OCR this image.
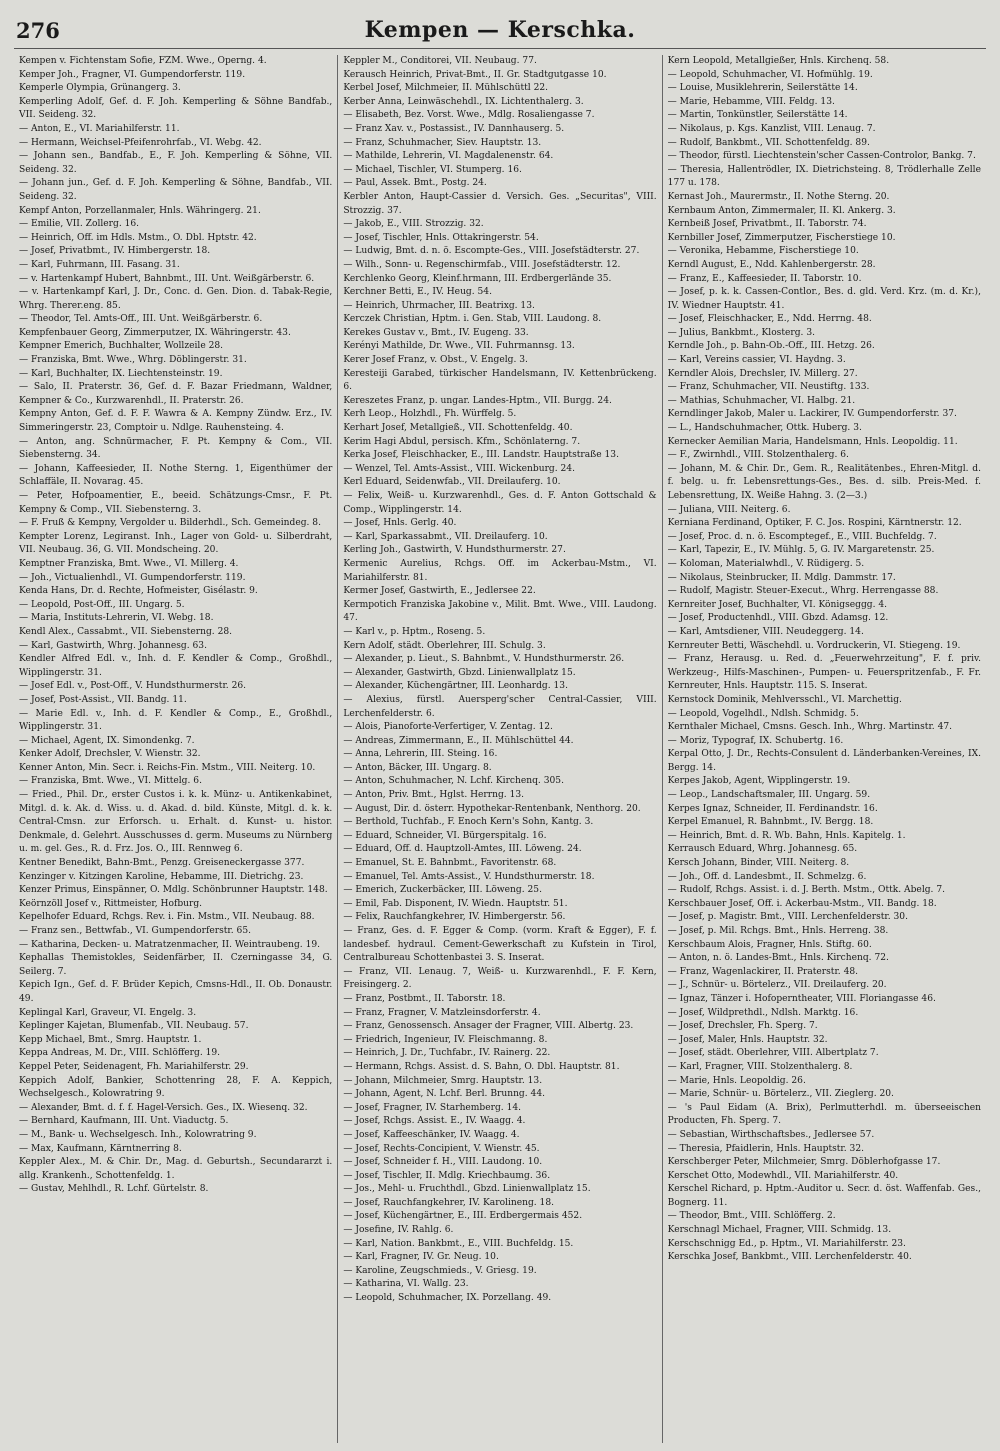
276	Kempen — Kerschka.

Kempen v. Fichtenstam Sofie, FZM. Wwe., Operng. 4.

Kemper Joh., Fragner, VI. Gumpendorferstr. 119.

Kemperle Olympia, Grünangerg. 3.

Kemperling Adolf, Gef. d. F. Joh. Kemperling & Söhne Bandfab., VII. Seideng. 32.

— Anton, E., VI. Mariahilferstr. 11.

— Hermann, Weichsel-Pfeifenrohrfab., VI. Webg. 42.

— Johann sen., Bandfab., E., F. Joh. Kemperling & Söhne, VII. Seideng. 32.

— Johann jun., Gef. d. F. Joh. Kemperling & Söhne, Bandfab., VII. Seideng. 32.

Kempf Anton, Porzellanmaler, Hnls. Währingerg. 21.

— Emilie, VII. Zollerg. 16.

— Heinrich, Off. im Hdls. Mstm., O. Dbl. Hptstr. 42.

— Josef, Privatbmt., IV. Himbergerstr. 18.

— Karl, Fuhrmann, III. Fasang. 31.

— v. Hartenkampf Hubert, Bahnbmt., III. Unt. Weißgärberstr. 6.

— v. Hartenkampf Karl, J. Dr., Conc. d. Gen. Dion. d. Tabak-Regie, Whrg. Therer.eng. 85.

— Theodor, Tel. Amts-Off., III. Unt. Weißgärberstr. 6.

Kempfenbauer Georg, Zimmerputzer, IX. Währingerstr. 43.

Kempner Emerich, Buchhalter, Wollzeile 28.

— Franziska, Bmt. Wwe., Whrg. Döblingerstr. 31.

— Karl, Buchhalter, IX. Liechtensteinstr. 19.

— Salo, II. Praterstr. 36, Gef. d. F. Bazar Friedmann, Waldner, Kempner & Co., Kurzwarenhdl., II. Praterstr. 26.

Kempny Anton, Gef. d. F. F. Wawra & A. Kempny Zündw. Erz., IV. Simmeringerstr. 23, Comptoir u. Ndlge. Rauhensteing. 4.

— Anton, ang. Schnürmacher, F. Pt. Kempny & Com., VII. Siebensterng. 34.

— Johann, Kaffeesieder, II. Nothe Sterng. 1, Eigenthümer der Schlaffäle, II. Novarag. 45.

— Peter, Hofpoamentier, E., beeid. Schätzungs-Cmsr., F. Pt. Kempny & Comp., VII. Siebensterng. 3.

— F. Fruß & Kempny, Vergolder u. Bilderhdl., Sch. Gemeindeg. 8.

Kempter Lorenz, Legiranst. Inh., Lager von Gold- u. Silberdraht, VII. Neubaug. 36, G. VII. Mondscheing. 20.

Kemptner Franziska, Bmt. Wwe., VI. Millerg. 4.

— Joh., Victualienhdl., VI. Gumpendorferstr. 119.

Kenda Hans, Dr. d. Rechte, Hofmeister, Gisélastr. 9.

— Leopold, Post-Off., III. Ungarg. 5.

— Maria, Instituts-Lehrerin, VI. Webg. 18.

Kendl Alex., Cassabmt., VII. Siebensterng. 28.

— Karl, Gastwirth, Whrg. Johannesg. 63.

Kendler Alfred Edl. v., Inh. d. F. Kendler & Comp., Großhdl., Wipplingerstr. 31.

— Josef Edl. v., Post-Off., V. Hundsthurmerstr. 26.

— Josef, Post-Assist., VII. Bandg. 11.

— Marie Edl. v., Inh. d. F. Kendler & Comp., E., Großhdl., Wipplingerstr. 31.

— Michael, Agent, IX. Simondenkg. 7.

Kenker Adolf, Drechsler, V. Wienstr. 32.

Kenner Anton, Min. Secr. i. Reichs-Fin. Mstm., VIII. Neiterg. 10.

— Franziska, Bmt. Wwe., VI. Mittelg. 6.

— Fried., Phil. Dr., erster Custos i. k. k. Münz- u. Antikenkabinet, Mitgl. d. k. Ak. d. Wiss. u. d. Akad. d. bild. Künste, Mitgl. d. k. k. Central-Cmsn. zur Erforsch. u. Erhalt. d. Kunst- u. histor. Denkmale, d. Gelehrt. Ausschusses d. germ. Museums zu Nürnberg u. m. gel. Ges., R. d. Frz. Jos. O., III. Rennweg 6.

Kentner Benedikt, Bahn-Bmt., Penzg. Greiseneckergasse 377.

Kenzinger v. Kitzingen Karoline, Hebamme, III. Dietrichg. 23.

Kenzer Primus, Einspänner, O. Mdlg. Schönbrunner Hauptstr. 148.

Keörnzöll Josef v., Rittmeister, Hofburg.

Kepelhofer Eduard, Rchgs. Rev. i. Fin. Mstm., VII. Neubaug. 88.

— Franz sen., Bettwfab., VI. Gumpendorferstr. 65.

— Katharina, Decken- u. Matratzenmacher, II. Weintraubeng. 19.

Kephallas Themistokles, Seidenfärber, II. Czerningasse 34, G. Seilerg. 7.

Kepich Ign., Gef. d. F. Brüder Kepich, Cmsns-Hdl., II. Ob. Donaustr. 49.

Keplingal Karl, Graveur, VI. Engelg. 3.

Keplinger Kajetan, Blumenfab., VII. Neubaug. 57.

Kepp Michael, Bmt., Smrg. Hauptstr. 1.

Keppa Andreas, M. Dr., VIII. Schlöfferg. 19.

Keppel Peter, Seidenagent, Fh. Mariahilferstr. 29.

Keppich Adolf, Bankier, Schottenring 28, F. A. Keppich, Wechselgesch., Kolowratring 9.

— Alexander, Bmt. d. f. f. Hagel-Versich. Ges., IX. Wiesenq. 32.

— Bernhard, Kaufmann, III. Unt. Viaductg. 5.

— M., Bank- u. Wechselgesch. Inh., Kolowratring 9.

— Max, Kaufmann, Kärntnerring 8.

Keppler Alex., M. & Chir. Dr., Mag. d. Geburtsh., Secundararzt i. allg. Krankenh., Schottenfeldg. 1.

— Gustav, Mehlhdl., R. Lchf. Gürtelstr. 8.

Keppler M., Conditorei, VII. Neubaug. 77.

Kerausch Heinrich, Privat-Bmt., II. Gr. Stadtgutgasse 10.

Kerbel Josef, Milchmeier, II. Mühlschüttl 22.

Kerber Anna, Leinwäschehdl., IX. Lichtenthalerg. 3.

— Elisabeth, Bez. Vorst. Wwe., Mdlg. Rosaliengasse 7.

— Franz Xav. v., Postassist., IV. Dannhauserg. 5.

— Franz, Schuhmacher, Siev. Hauptstr. 13.

— Mathilde, Lehrerin, VI. Magdalenenstr. 64.

— Michael, Tischler, VI. Stumperg. 16.

— Paul, Assek. Bmt., Postg. 24.

Kerbler Anton, Haupt-Cassier d. Versich. Ges. „Securitas", VIII. Strozzig. 37.

— Jakob, E., VIII. Strozzig. 32.

— Josef, Tischler, Hnls. Ottakringerstr. 54.

— Ludwig, Bmt. d. n. ö. Escompte-Ges., VIII. Josefstädterstr. 27.

— Wilh., Sonn- u. Regenschirmfab., VIII. Josefstädterstr. 12.

Kerchlenko Georg, Kleinf.hrmann, III. Erdbergerlände 35.

Kerchner Betti, E., IV. Heug. 54.

— Heinrich, Uhrmacher, III. Beatrixg. 13.

Kerczek Christian, Hptm. i. Gen. Stab, VIII. Laudong. 8.

Kerekes Gustav v., Bmt., IV. Eugeng. 33.

Kerényi Mathilde, Dr. Wwe., VII. Fuhrmannsg. 13.

Kerer Josef Franz, v. Obst., V. Engelg. 3.

Keresteiji Garabed, türkischer Handelsmann, IV. Kettenbrückeng. 6.

Kereszetes Franz, p. ungar. Landes-Hptm., VII. Burgg. 24.

Kerh Leop., Holzhdl., Fh. Würffelg. 5.

Kerhart Josef, Metallgieß., VII. Schottenfeldg. 40.

Kerim Hagi Abdul, persisch. Kfm., Schönlaterng. 7.

Kerka Josef, Fleischhacker, E., III. Landstr. Hauptstraße 13.

— Wenzel, Tel. Amts-Assist., VIII. Wickenburg. 24.

Kerl Eduard, Seidenwfab., VII. Dreilauferg. 10.

— Felix, Weiß- u. Kurzwarenhdl., Ges. d. F. Anton Gottschald & Comp., Wipplingerstr. 14.

— Josef, Hnls. Gerlg. 40.

— Karl, Sparkassabmt., VII. Dreilauferg. 10.

Kerling Joh., Gastwirth, V. Hundsthurmerstr. 27.

Kermenic Aurelius, Rchgs. Off. im Ackerbau-Mstm., VI. Mariahilferstr. 81.

Kermer Josef, Gastwirth, E., Jedlersee 22.

Kermpotich Franziska Jakobine v., Milit. Bmt. Wwe., VIII. Laudong. 47.

— Karl v., p. Hptm., Roseng. 5.

Kern Adolf, städt. Oberlehrer, III. Schulg. 3.

— Alexander, p. Lieut., S. Bahnbmt., V. Hundsthurmerstr. 26.

— Alexander, Gastwirth, Gbzd. Linienwallplatz 15.

— Alexander, Küchengärtner, III. Leonhardg. 13.

— Alexius, fürstl. Auersperg'scher Central-Cassier, VIII. Lerchenfelderstr. 6.

— Alois, Pianoforte-Verfertiger, V. Zentag. 12.

— Andreas, Zimmermann, E., II. Mühlschüttel 44.

— Anna, Lehrerin, III. Steing. 16.

— Anton, Bäcker, III. Ungarg. 8.

— Anton, Schuhmacher, N. Lchf. Kirchenq. 305.

— Anton, Priv. Bmt., Hglst. Herrng. 13.

— August, Dir. d. österr. Hypothekar-Rentenbank, Nenthorg. 20.

— Berthold, Tuchfab., F. Enoch Kern's Sohn, Kantg. 3.

— Eduard, Schneider, VI. Bürgerspitalg. 16.

— Eduard, Off. d. Hauptzoll-Amtes, III. Löweng. 24.

— Emanuel, St. E. Bahnbmt., Favoritenstr. 68.

— Emanuel, Tel. Amts-Assist., V. Hundsthurmerstr. 18.

— Emerich, Zuckerbäcker, III. Löweng. 25.

— Emil, Fab. Disponent, IV. Wiedn. Hauptstr. 51.

— Felix, Rauchfangkehrer, IV. Himbergerstr. 56.

— Franz, Ges. d. F. Egger & Comp. (vorm. Kraft & Egger), F. f. landesbef. hydraul. Cement-Gewerkschaft zu Kufstein in Tirol, Centralbureau Schottenbastei 3. S. Inserat.

— Franz, VII. Lenaug. 7, Weiß- u. Kurzwarenhdl., F. F. Kern, Freisingerg. 2.

— Franz, Postbmt., II. Taborstr. 18.

— Franz, Fragner, V. Matzleinsdorferstr. 4.

— Franz, Genossensch. Ansager der Fragner, VIII. Albertg. 23.

— Friedrich, Ingenieur, IV. Fleischmanng. 8.

— Heinrich, J. Dr., Tuchfabr., IV. Rainerg. 22.

— Hermann, Rchgs. Assist. d. S. Bahn, O. Dbl. Hauptstr. 81.

— Johann, Milchmeier, Smrg. Hauptstr. 13.

— Johann, Agent, N. Lchf. Berl. Brunng. 44.

— Josef, Fragner, IV. Starhemberg. 14.

— Josef, Rchgs. Assist. E., IV. Waagg. 4.

— Josef, Kaffeeschänker, IV. Waagg. 4.

— Josef, Rechts-Concipient, V. Wienstr. 45.

— Josef, Schneider f. H., VIII. Laudong. 10.

— Josef, Tischler, II. Mdlg. Kriechbaumg. 36.

— Jos., Mehl- u. Fruchthdl., Gbzd. Linienwallplatz 15.

— Josef, Rauchfangkehrer, IV. Karolineng. 18.

— Josef, Küchengärtner, E., III. Erdbergermais 452.

— Josefine, IV. Rahlg. 6.

— Karl, Nation. Bankbmt., E., VIII. Buchfeldg. 15.

— Karl, Fragner, IV. Gr. Neug. 10.

— Karoline, Zeugschmieds., V. Griesg. 19.

— Katharina, VI. Wallg. 23.

— Leopold, Schuhmacher, IX. Porzellang. 49.

Kern Leopold, Metallgießer, Hnls. Kirchenq. 58.

— Leopold, Schuhmacher, VI. Hofmühlg. 19.

— Louise, Musiklehrerin, Seilerstätte 14.

— Marie, Hebamme, VIII. Feldg. 13.

— Martin, Tonkünstler, Seilerstätte 14.

— Nikolaus, p. Kgs. Kanzlist, VIII. Lenaug. 7.

— Rudolf, Bankbmt., VII. Schottenfeldg. 89.

— Theodor, fürstl. Liechtenstein'scher Cassen-Controlor, Bankg. 7.

— Theresia, Hallentrödler, IX. Dietrichsteing. 8, Trödlerhalle Zelle 177 u. 178.

Kernast Joh., Maurermstr., II. Nothe Sterng. 20.

Kernbaum Anton, Zimmermaler, II. Kl. Ankerg. 3.

Kernbeiß Josef, Privatbmt., II. Taborstr. 74.

Kernbiller Josef, Zimmerputzer, Fischerstiege 10.

— Veronika, Hebamme, Fischerstiege 10.

Kerndl August, E., Ndd. Kahlenbergerstr. 28.

— Franz, E., Kaffeesieder, II. Taborstr. 10.

— Josef, p. k. k. Cassen-Contlor., Bes. d. gld. Verd. Krz. (m. d. Kr.), IV. Wiedner Hauptstr. 41.

— Josef, Fleischhacker, E., Ndd. Herrng. 48.

— Julius, Bankbmt., Klosterg. 3.

Kerndle Joh., p. Bahn-Ob.-Off., III. Hetzg. 26.

— Karl, Vereins cassier, VI. Haydng. 3.

Kerndler Alois, Drechsler, IV. Millerg. 27.

— Franz, Schuhmacher, VII. Neustiftg. 133.

— Mathias, Schuhmacher, VI. Halbg. 21.

Kerndlinger Jakob, Maler u. Lackirer, IV. Gumpendorferstr. 37.

— L., Handschuhmacher, Ottk. Huberg. 3.

Kernecker Aemilian Maria, Handelsmann, Hnls. Leopoldig. 11.

— F., Zwirnhdl., VIII. Stolzenthalerg. 6.

— Johann, M. & Chir. Dr., Gem. R., Realitätenbes., Ehren-Mitgl. d. f. belg. u. fr. Lebensrettungs-Ges., Bes. d. silb. Preis-Med. f. Lebensrettung, IX. Weiße Hahng. 3. (2—3.)

— Juliana, VIII. Neiterg. 6.

Kerniana Ferdinand, Optiker, F. C. Jos. Rospini, Kärntnerstr. 12.

— Josef, Proc. d. n. ö. Escomptegef., E., VIII. Buchfeldg. 7.

— Karl, Tapezir, E., IV. Mühlg. 5, G. IV. Margaretenstr. 25.

— Koloman, Materialwhdl., V. Rüdigerg. 5.

— Nikolaus, Steinbrucker, II. Mdlg. Dammstr. 17.

— Rudolf, Magistr. Steuer-Execut., Whrg. Herrengasse 88.

Kernreiter Josef, Buchhalter, VI. Königseggg. 4.

— Josef, Productenhdl., VIII. Gbzd. Adamsg. 12.

— Karl, Amtsdiener, VIII. Neudeggerg. 14.

Kernreuter Betti, Wäschehdl. u. Vordruckerin, VI. Stiegeng. 19.

— Franz, Herausg. u. Red. d. „Feuerwehrzeitung", F. f. priv. Werkzeug-, Hilfs-Maschinen-, Pumpen- u. Feuerspritzenfab., F. Fr. Kernreuter, Hnls. Hauptstr. 115. S. Inserat.

Kernstock Dominik, Mehlversschl., VI. Marchettig.

— Leopold, Vogelhdl., Ndlsh. Schmidg. 5.

Kernthaler Michael, Cmsns. Gesch. Inh., Whrg. Martinstr. 47.

— Moriz, Typograf, IX. Schubertg. 16.

Kerpal Otto, J. Dr., Rechts-Consulent d. Länderbanken-Vereines, IX. Bergg. 14.

Kerpes Jakob, Agent, Wipplingerstr. 19.

— Leop., Landschaftsmaler, III. Ungarg. 59.

Kerpes Ignaz, Schneider, II. Ferdinandstr. 16.

Kerpel Emanuel, R. Bahnbmt., IV. Bergg. 18.

— Heinrich, Bmt. d. R. Wb. Bahn, Hnls. Kapitelg. 1.

Kerrausch Eduard, Whrg. Johannesg. 65.

Kersch Johann, Binder, VIII. Neiterg. 8.

— Joh., Off. d. Landesbmt., II. Schmelzg. 6.

— Rudolf, Rchgs. Assist. i. d. J. Berth. Mstm., Ottk. Abelg. 7.

Kerschbauer Josef, Off. i. Ackerbau-Mstm., VII. Bandg. 18.

— Josef, p. Magistr. Bmt., VIII. Lerchenfelderstr. 30.

— Josef, p. Mil. Rchgs. Bmt., Hnls. Herreng. 38.

Kerschbaum Alois, Fragner, Hnls. Stiftg. 60.

— Anton, n. ö. Landes-Bmt., Hnls. Kirchenq. 72.

— Franz, Wagenlackirer, II. Praterstr. 48.

— J., Schnür- u. Börtelerz., VII. Dreilauferg. 20.

— Ignaz, Tänzer i. Hofoperntheater, VIII. Floriangasse 46.

— Josef, Wildprethdl., Ndlsh. Marktg. 16.

— Josef, Drechsler, Fh. Sperg. 7.

— Josef, Maler, Hnls. Hauptstr. 32.

— Josef, städt. Oberlehrer, VIII. Albertplatz 7.

— Karl, Fragner, VIII. Stolzenthalerg. 8.

— Marie, Hnls. Leopoldig. 26.

— Marie, Schnür- u. Börtelerz., VII. Zieglerg. 20.

— 's Paul Eidam (A. Brix), Perlmutterhdl. m. überseeischen Producten, Fh. Sperg. 7.

— Sebastian, Wirthschaftsbes., Jedlersee 57.

— Theresia, Pfaidlerin, Hnls. Hauptstr. 32.

Kerschberger Peter, Milchmeier, Smrg. Döblerhofgasse 17.

Kerschet Otto, Modewhdl., VII. Mariahilferstr. 40.

Kerschel Richard, p. Hptm.-Auditor u. Secr. d. öst. Waffenfab. Ges., Bognerg. 11.

— Theodor, Bmt., VIII. Schlöfferg. 2.

Kerschnagl Michael, Fragner, VIII. Schmidg. 13.

Kerschschnigg Ed., p. Hptm., VI. Mariahilferstr. 23.

Kerschka Josef, Bankbmt., VIII. Lerchenfelderstr. 40.
